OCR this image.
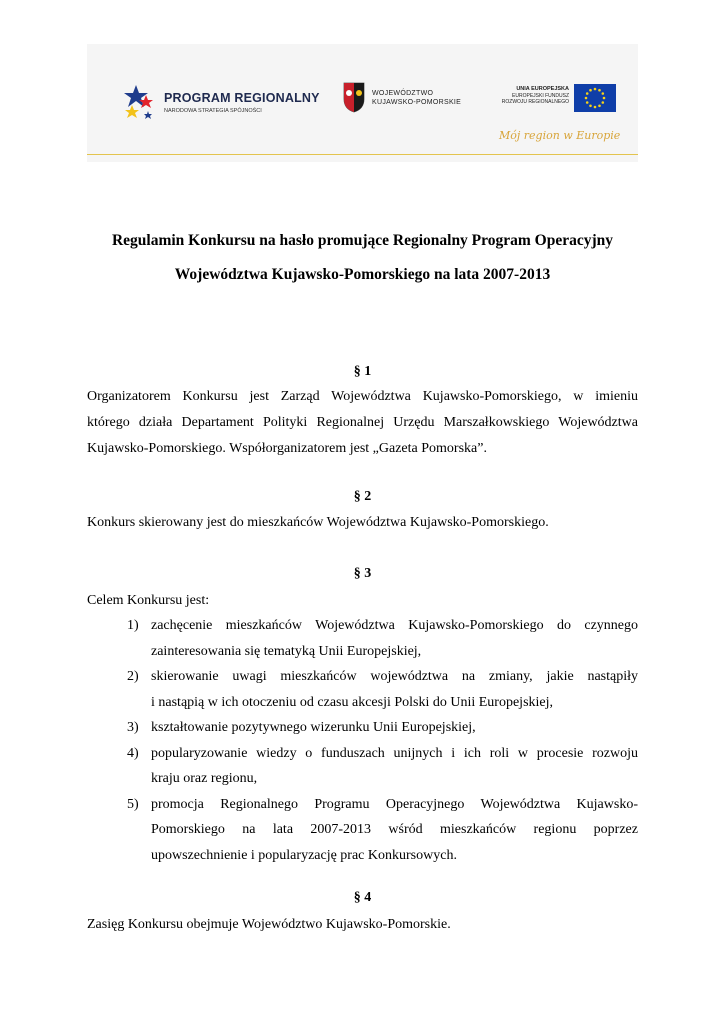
PROGRAM REGIONALNY
NARODOWA STRATEGIA SPÓJNOŚCI
WOJEWÓDZTWO
KUJAWSKO-POMORSKIE
UNIA EUROPEJSKA
EUROPEJSKI FUNDUSZ
ROZWOJU REGIONALNEGO
Mój region w Europie
Regulamin Konkursu na hasło promujące Regionalny Program Operacyjny
Województwa Kujawsko-Pomorskiego na lata 2007-2013
§ 1
Organizatorem Konkursu jest Zarząd Województwa Kujawsko-Pomorskiego, w imieniu
którego działa Departament Polityki Regionalnej Urzędu Marszałkowskiego Województwa
Kujawsko-Pomorskiego. Współorganizatorem jest „Gazeta Pomorska”.
§ 2
Konkurs skierowany jest do mieszkańców Województwa Kujawsko-Pomorskiego.
§ 3
Celem Konkursu jest:
1) zachęcenie mieszkańców Województwa Kujawsko-Pomorskiego do czynnego
zainteresowania się tematyką Unii Europejskiej,
2) skierowanie uwagi mieszkańców województwa na zmiany, jakie nastąpiły
i nastąpią w ich otoczeniu od czasu akcesji Polski do Unii Europejskiej,
3) kształtowanie pozytywnego wizerunku Unii Europejskiej,
4) popularyzowanie wiedzy o funduszach unijnych i ich roli w procesie rozwoju
kraju oraz regionu,
5) promocja Regionalnego Programu Operacyjnego Województwa Kujawsko-
Pomorskiego na lata 2007-2013 wśród mieszkańców regionu poprzez
upowszechnienie i popularyzację prac Konkursowych.
§ 4
Zasięg Konkursu obejmuje Województwo Kujawsko-Pomorskie.
